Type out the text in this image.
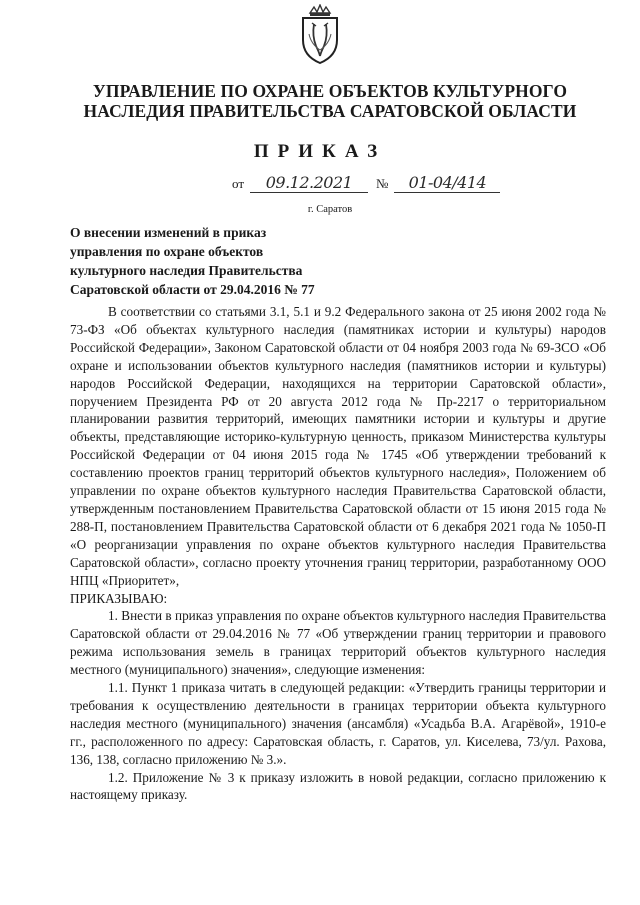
УПРАВЛЕНИЕ ПО ОХРАНЕ ОБЪЕКТОВ КУЛЬТУРНОГО
НАСЛЕДИЯ ПРАВИТЕЛЬСТВА САРАТОВСКОЙ ОБЛАСТИ
ПРИКАЗ
от	09.12.2021	№	01-04/414
г. Саратов
О внесении изменений в приказ
управления по охране объектов
культурного наследия Правительства
Саратовской области от 29.04.2016 № 77

В соответствии со статьями 3.1, 5.1 и 9.2 Федерального закона от 25 июня 2002 года № 73-ФЗ «Об объектах культурного наследия (памятниках истории и культуры) народов Российской Федерации», Законом Саратовской области от 04 ноября 2003 года № 69-ЗСО «Об охране и использовании объектов культурного наследия (памятников истории и культуры) народов Российской Федерации, находящихся на территории Саратовской области», поручением Президента РФ от 20 августа 2012 года № Пр-2217 о территориальном планировании развития территорий, имеющих памятники истории и культуры и другие объекты, представляющие историко-культурную ценность, приказом Министерства культуры Российской Федерации от 04 июня 2015 года № 1745 «Об утверждении требований к составлению проектов границ территорий объектов культурного наследия», Положением об управлении по охране объектов культурного наследия Правительства Саратовской области, утвержденным постановлением Правительства Саратовской области от 15 июня 2015 года № 288-П, постановлением Правительства Саратовской области от 6 декабря 2021 года № 1050-П «О реорганизации управления по охране объектов культурного наследия Правительства Саратовской области», согласно проекту уточнения границ территории, разработанному ООО НПЦ «Приоритет»,

ПРИКАЗЫВАЮ:

1. Внести в приказ управления по охране объектов культурного наследия Правительства Саратовской области от 29.04.2016 № 77 «Об утверждении границ территории и правового режима использования земель в границах территорий объектов культурного наследия местного (муниципального) значения», следующие изменения:

1.1. Пункт 1 приказа читать в следующей редакции: «Утвердить границы территории и требования к осуществлению деятельности в границах территории объекта культурного наследия местного (муниципального) значения (ансамбля) «Усадьба В.А. Агарёвой», 1910-е гг., расположенного по адресу: Саратовская область, г. Саратов, ул. Киселева, 73/ул. Рахова, 136, 138, согласно приложению № 3.».

1.2. Приложение № 3 к приказу изложить в новой редакции, согласно приложению к настоящему приказу.
